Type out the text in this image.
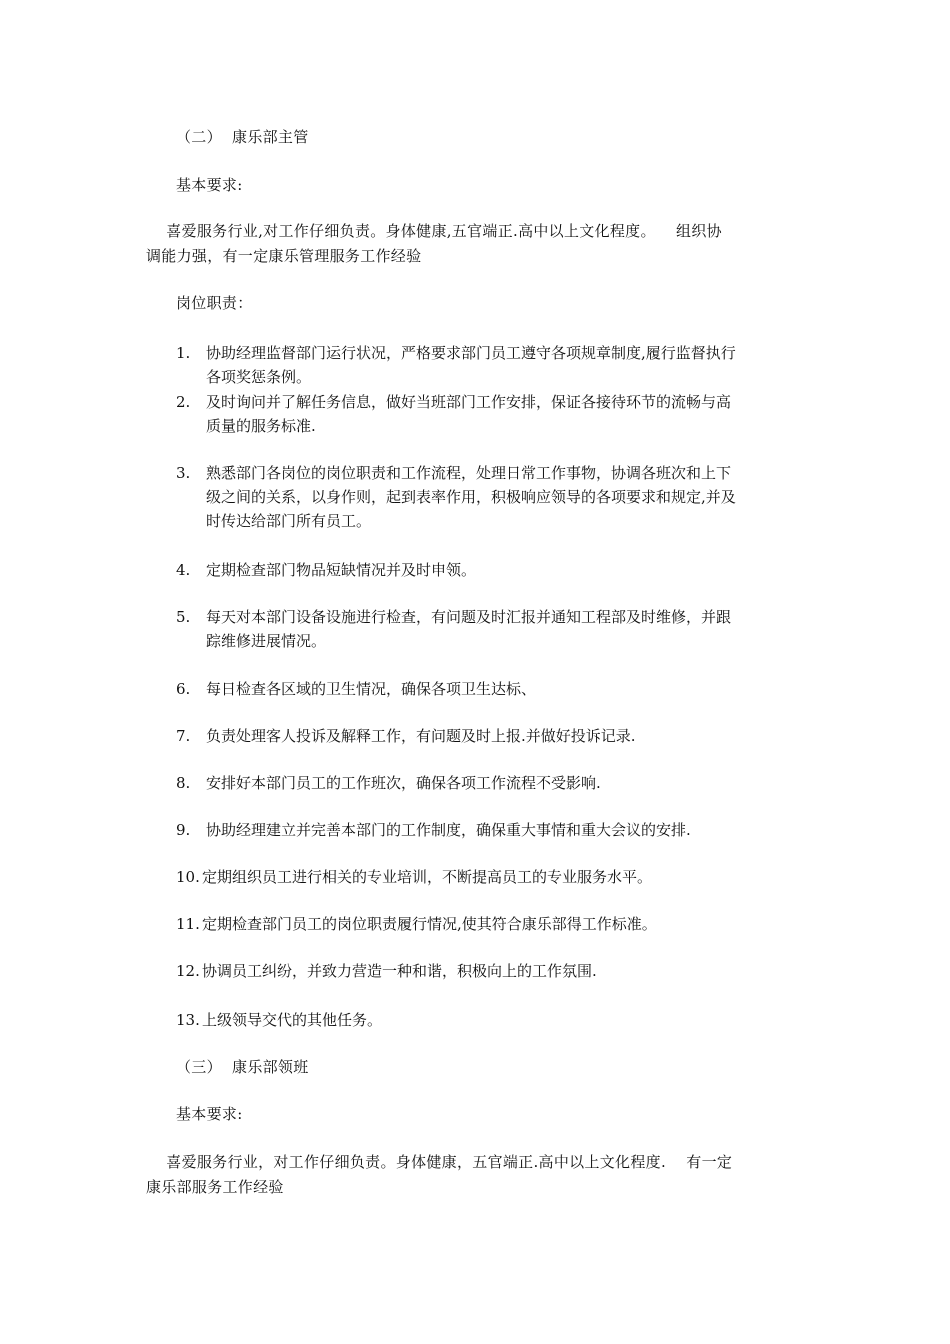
（二）  康乐部主管
基本要求:
喜爱服务行业,对工作仔细负责。身体健康,五官端正.高中以上文化程度。    组织协
调能力强，有一定康乐管理服务工作经验
岗位职责：
1. 协助经理监督部门运行状况，严格要求部门员工遵守各项规章制度,履行监督执行
各项奖惩条例。
2. 及时询问并了解任务信息，做好当班部门工作安排，保证各接待环节的流畅与高
质量的服务标准.
3. 熟悉部门各岗位的岗位职责和工作流程，处理日常工作事物，协调各班次和上下
级之间的关系，以身作则，起到表率作用，积极响应领导的各项要求和规定,并及
时传达给部门所有员工。
4. 定期检查部门物品短缺情况并及时申领。
5. 每天对本部门设备设施进行检查，有问题及时汇报并通知工程部及时维修，并跟
踪维修进展情况。
6. 每日检查各区域的卫生情况，确保各项卫生达标、
7. 负责处理客人投诉及解释工作，有问题及时上报.并做好投诉记录.
8. 安排好本部门员工的工作班次，确保各项工作流程不受影响.
9. 协助经理建立并完善本部门的工作制度，确保重大事情和重大会议的安排.
10. 定期组织员工进行相关的专业培训，不断提高员工的专业服务水平。
11. 定期检查部门员工的岗位职责履行情况,使其符合康乐部得工作标准。
12. 协调员工纠纷，并致力营造一种和谐，积极向上的工作氛围.
13. 上级领导交代的其他任务。
（三）  康乐部领班
基本要求:
喜爱服务行业，对工作仔细负责。身体健康，五官端正.高中以上文化程度.    有一定
康乐部服务工作经验
